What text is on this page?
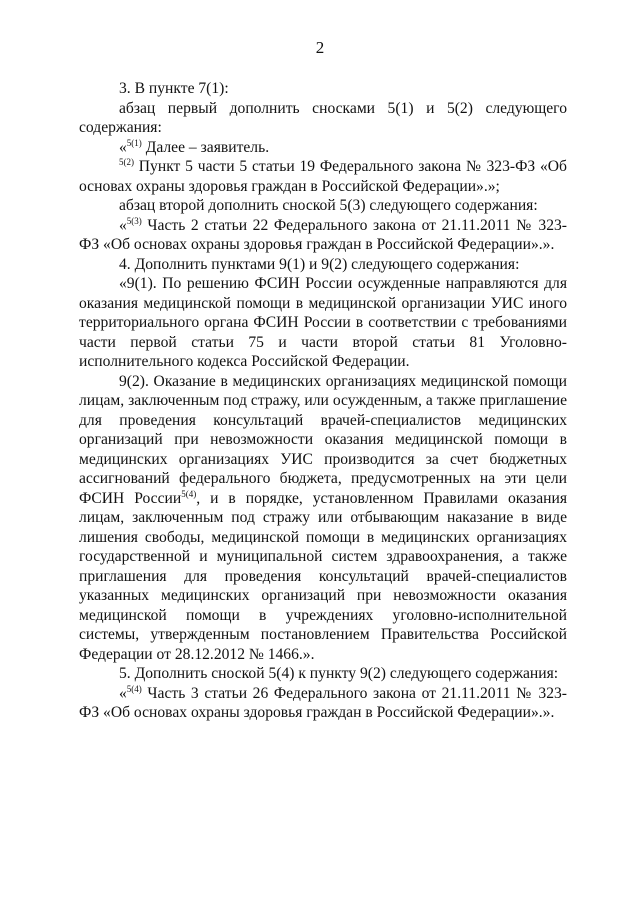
2

3. В пункте 7(1):

абзац первый дополнить сносками 5(1) и 5(2) следующего содержания:

«$^{5(1)}$ Далее – заявитель.

$^{5(2)}$ Пункт 5 части 5 статьи 19 Федерального закона № 323-ФЗ «Об основах охраны здоровья граждан в Российской Федерации».»;

абзац второй дополнить сноской 5(3) следующего содержания:

«$^{5(3)}$ Часть 2 статьи 22 Федерального закона от 21.11.2011 № 323-ФЗ «Об основах охраны здоровья граждан в Российской Федерации».».

4. Дополнить пунктами 9(1) и 9(2) следующего содержания:

«9(1). По решению ФСИН России осужденные направляются для оказания медицинской помощи в медицинской организации УИС иного территориального органа ФСИН России в соответствии с требованиями части первой статьи 75 и части второй статьи 81 Уголовно-исполнительного кодекса Российской Федерации.

9(2). Оказание в медицинских организациях медицинской помощи лицам, заключенным под стражу, или осужденным, а также приглашение для проведения консультаций врачей-специалистов медицинских организаций при невозможности оказания медицинской помощи в медицинских организациях УИС производится за счет бюджетных ассигнований федерального бюджета, предусмотренных на эти цели ФСИН России$^{5(4)}$, и в порядке, установленном Правилами оказания лицам, заключенным под стражу или отбывающим наказание в виде лишения свободы, медицинской помощи в медицинских организациях государственной и муниципальной систем здравоохранения, а также приглашения для проведения консультаций врачей-специалистов указанных медицинских организаций при невозможности оказания медицинской помощи в учреждениях уголовно-исполнительной системы, утвержденным постановлением Правительства Российской Федерации от 28.12.2012 № 1466.».

5. Дополнить сноской 5(4) к пункту 9(2) следующего содержания:

«$^{5(4)}$ Часть 3 статьи 26 Федерального закона от 21.11.2011 № 323-ФЗ «Об основах охраны здоровья граждан в Российской Федерации».».
